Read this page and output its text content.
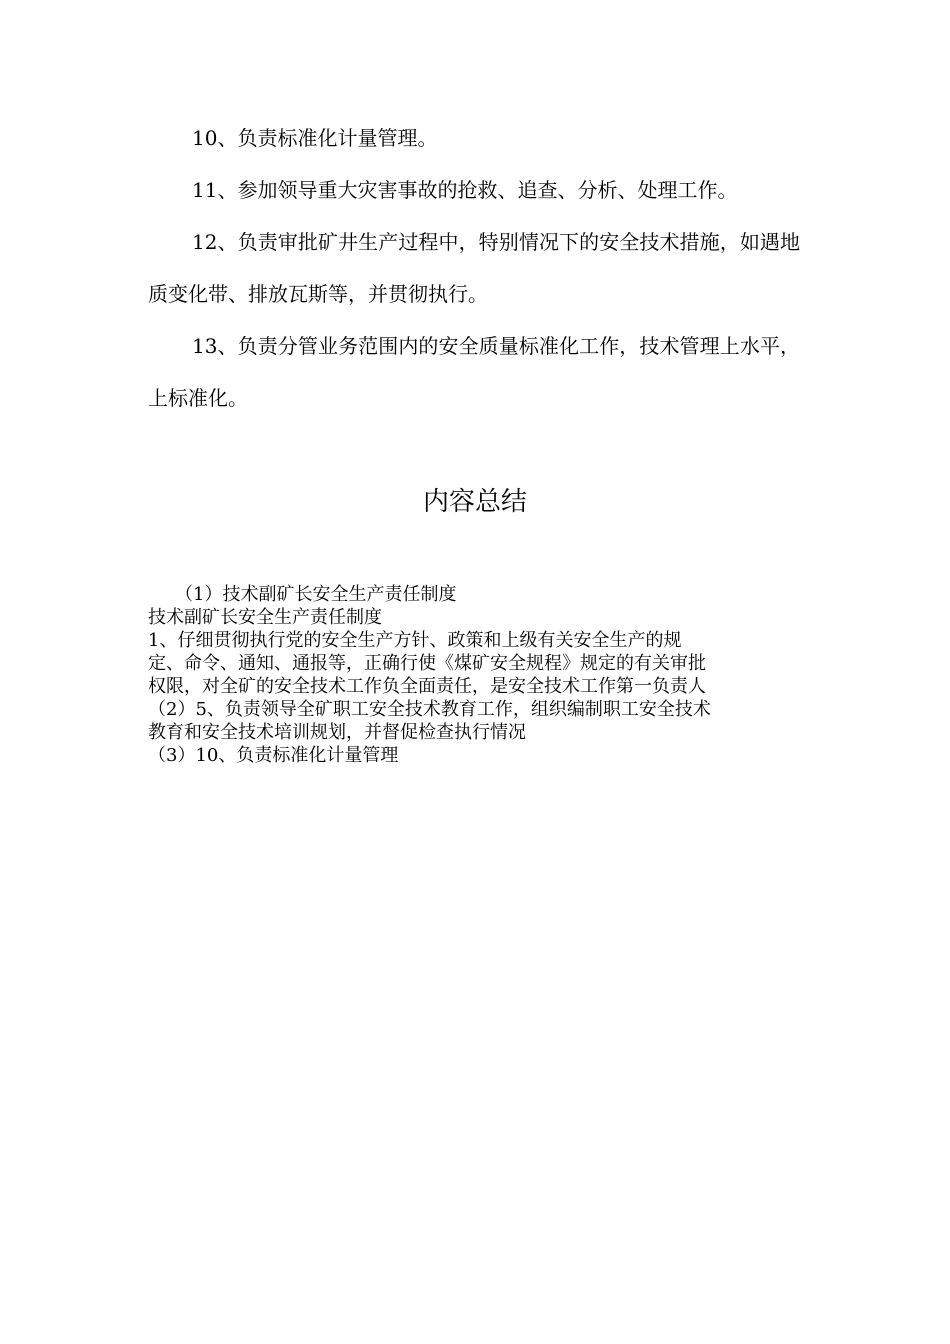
10、负责标准化计量管理。

11、参加领导重大灾害事故的抢救、追查、分析、处理工作。

12、负责审批矿井生产过程中，特别情况下的安全技术措施，如遇地质变化带、排放瓦斯等，并贯彻执行。

13、负责分管业务范围内的安全质量标准化工作，技术管理上水平，上标准化。

内容总结

　　（1）技术副矿长安全生产责任制度

技术副矿长安全生产责任制度

1、仔细贯彻执行党的安全生产方针、政策和上级有关安全生产的规

定、命令、通知、通报等，正确行使《煤矿安全规程》规定的有关审批

权限，对全矿的安全技术工作负全面责任，是安全技术工作第一负责人

（2）5、负责领导全矿职工安全技术教育工作，组织编制职工安全技术

教育和安全技术培训规划，并督促检查执行情况

（3）10、负责标准化计量管理
